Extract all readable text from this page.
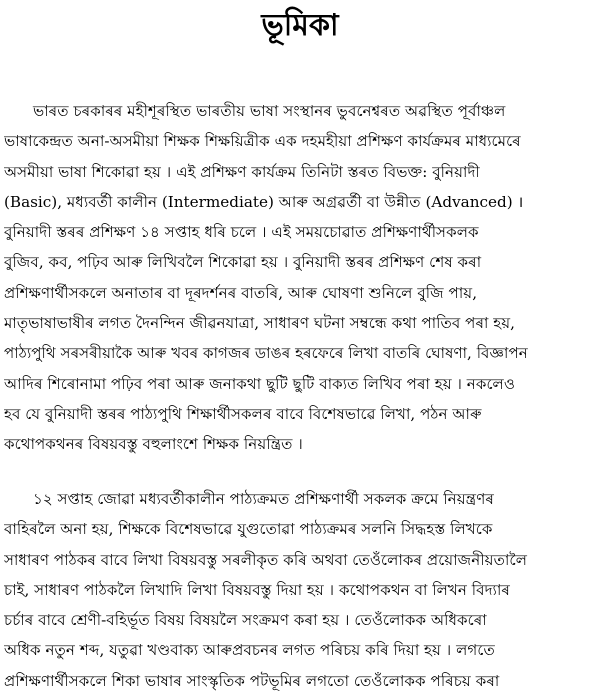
ভূমিকা
ভাৰত চৰকাৰৰ মহীশূৰস্থিত ভাৰতীয় ভাষা সংস্থানৰ ভুবনেশ্বৰত অৱস্থিত পূৰ্বাঞ্চল
ভাষাকেন্দ্ৰত অনা-অসমীয়া শিক্ষক শিক্ষয়িত্ৰীক এক দহমহীয়া প্ৰশিক্ষণ কাৰ্যক্ৰমৰ মাধ্যমেৰে
অসমীয়া ভাষা শিকোৱা হয় । এই প্ৰশিক্ষণ কাৰ্যক্ৰম তিনিটা স্তৰত বিভক্ত: বুনিয়াদী
(Basic), মধ্যবৰ্তী কালীন (Intermediate) আৰু অগ্ৰৱৰ্তী বা উন্নীত (Advanced) ।
বুনিয়াদী স্তৰৰ প্ৰশিক্ষণ ১৪ সপ্তাহ ধৰি চলে । এই সময়চোৱাত প্ৰশিক্ষণাৰ্থীসকলক
বুজিব, কব, পঢ়িব আৰু লিখিবলৈ শিকোৱা হয় । বুনিয়াদী স্তৰৰ প্ৰশিক্ষণ শেষ কৰা
প্ৰশিক্ষণাৰ্থীসকলে অনাতাৰ বা দূৰদৰ্শনৰ বাতৰি, আৰু ঘোষণা শুনিলে বুজি পায়,
মাতৃভাষাভাষীৰ লগত দৈনন্দিন জীৱনযাত্ৰা, সাধাৰণ ঘটনা সম্বন্ধে কথা পাতিব পৰা হয়,
পাঠ্যপুথি সৰসৰীয়াকৈ আৰু খবৰ কাগজৰ ডাঙৰ হৰফেৰে লিখা বাতৰি ঘোষণা, বিজ্ঞাপন
আদিৰ শিৰোনামা পঢ়িব পৰা আৰু জনাকথা ছুটি ছুটি বাক্যত লিখিব পৰা হয় । নকলেও
হব যে বুনিয়াদী স্তৰৰ পাঠ্যপুথি শিক্ষাৰ্থীসকলৰ বাবে বিশেষভাৱে লিখা, পঠন আৰু
কথোপকথনৰ বিষয়বস্তু বহুলাংশে শিক্ষক নিয়ন্ত্ৰিত ।
১২ সপ্তাহ জোৱা মধ্যবৰ্তীকালীন পাঠ্যক্ৰমত প্ৰশিক্ষণাৰ্থী সকলক ক্ৰমে নিয়ন্ত্ৰণৰ
বাহিৰলৈ অনা হয়, শিক্ষকে বিশেষভাৱে যুগুতোৱা পাঠ্যক্ৰমৰ সলনি সিদ্ধহস্ত লিখকে
সাধাৰণ পাঠকৰ বাবে লিখা বিষয়বস্তু সৰলীকৃত কৰি অথবা তেওঁলোকৰ প্ৰয়োজনীয়তালৈ
চাই, সাধাৰণ পাঠকলৈ লিখাদি লিখা বিষয়বস্তু দিয়া হয় । কথোপকথন বা লিখন বিদ্যাৰ
চৰ্চাৰ বাবে শ্ৰেণী-বহিৰ্ভূত বিষয় বিষয়লৈ সংক্ৰমণ কৰা হয় । তেওঁলোকক অধিকৰো
অধিক নতুন শব্দ, যতুৱা খণ্ডবাক্য আৰুপ্ৰবচনৰ লগত পৰিচয় কৰি দিয়া হয় । লগতে
প্ৰশিক্ষণাৰ্থীসকলে শিকা ভাষাৰ সাংস্কৃতিক পটভূমিৰ লগতো তেওঁলোকক পৰিচয় কৰা
